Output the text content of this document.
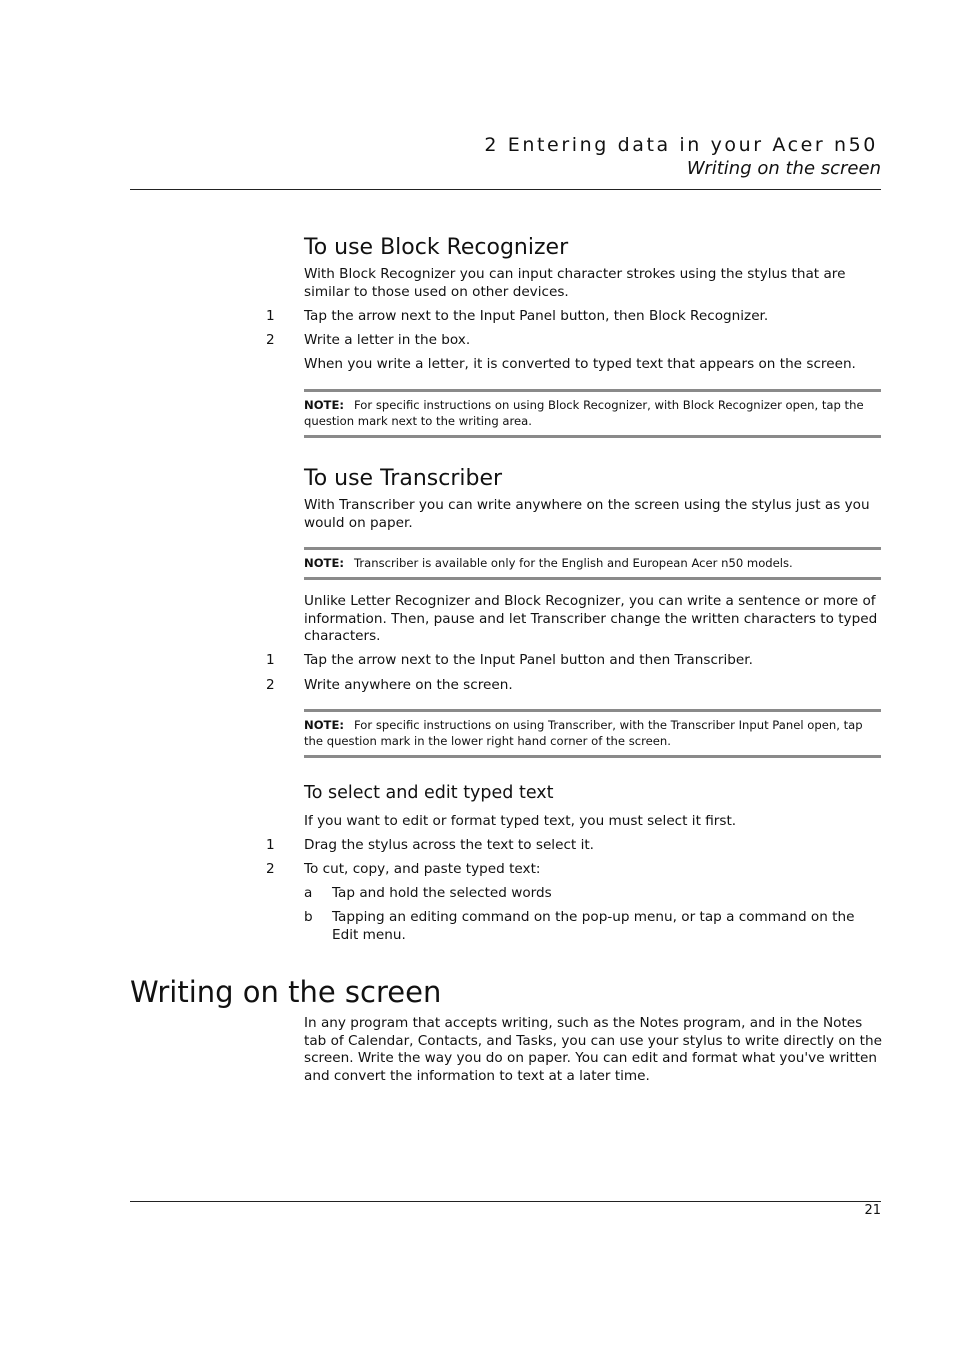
2 Entering data in your Acer n50
Writing on the screen
To use Block Recognizer
With Block Recognizer you can input character strokes using the stylus that are similar to those used on other devices.
1 Tap the arrow next to the Input Panel button, then Block Recognizer.
2 Write a letter in the box.
When you write a letter, it is converted to typed text that appears on the screen.
NOTE: For specific instructions on using Block Recognizer, with Block Recognizer open, tap the question mark next to the writing area.
To use Transcriber
With Transcriber you can write anywhere on the screen using the stylus just as you would on paper.
NOTE: Transcriber is available only for the English and European Acer n50 models.
Unlike Letter Recognizer and Block Recognizer, you can write a sentence or more of information. Then, pause and let Transcriber change the written characters to typed characters.
1 Tap the arrow next to the Input Panel button and then Transcriber.
2 Write anywhere on the screen.
NOTE: For specific instructions on using Transcriber, with the Transcriber Input Panel open, tap the question mark in the lower right hand corner of the screen.
To select and edit typed text
If you want to edit or format typed text, you must select it first.
1 Drag the stylus across the text to select it.
2 To cut, copy, and paste typed text:
a Tap and hold the selected words
b Tapping an editing command on the pop-up menu, or tap a command on the Edit menu.
Writing on the screen
In any program that accepts writing, such as the Notes program, and in the Notes tab of Calendar, Contacts, and Tasks, you can use your stylus to write directly on the screen. Write the way you do on paper. You can edit and format what you've written and convert the information to text at a later time.
21
